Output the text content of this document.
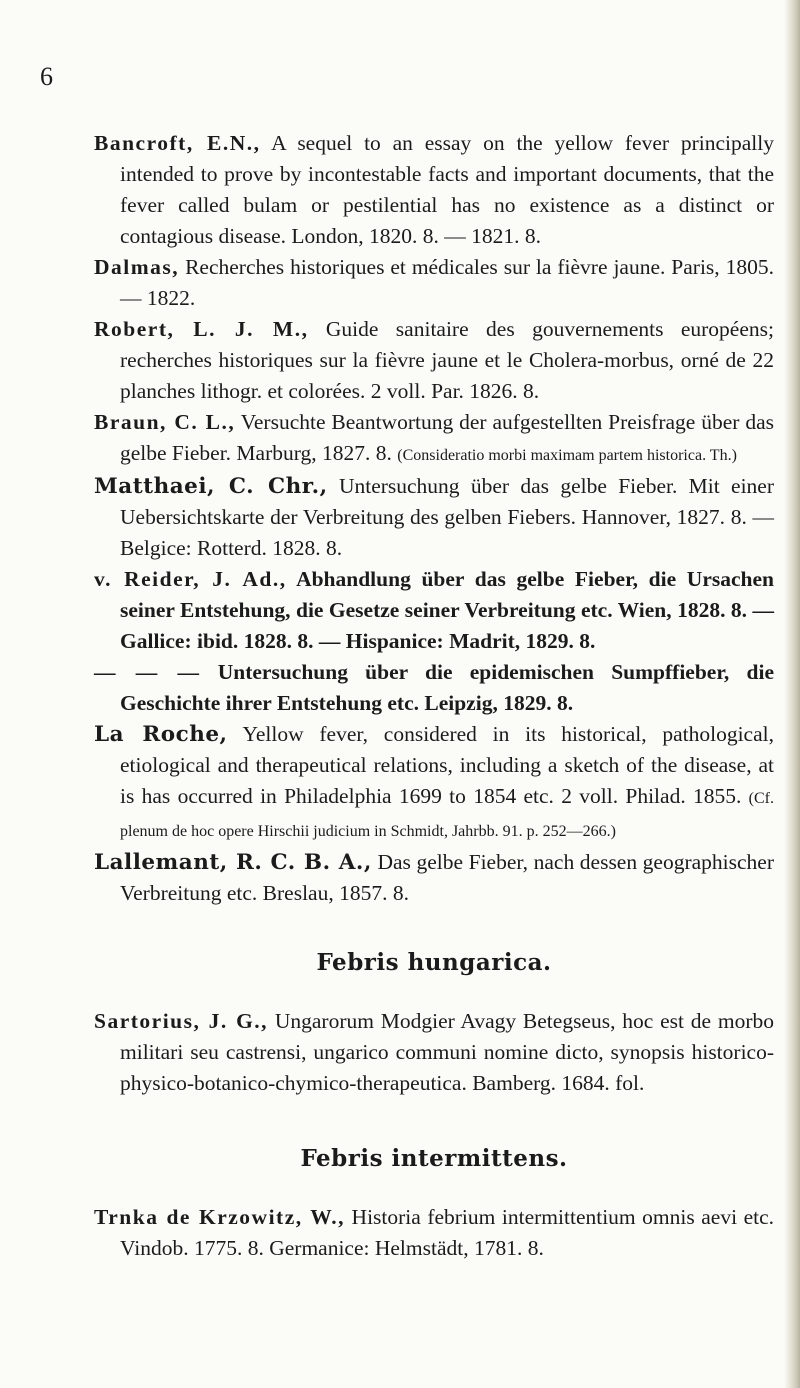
6

Bancroft, E.N., A sequel to an essay on the yellow fever principally intended to prove by incontestable facts and important documents, that the fever called bulam or pestilential has no existence as a distinct or contagious disease. London, 1820. 8. — 1821. 8.

Dalmas, Recherches historiques et médicales sur la fièvre jaune. Paris, 1805. — 1822.

Robert, L. J. M., Guide sanitaire des gouvernements européens; recherches historiques sur la fièvre jaune et le Cholera-morbus, orné de 22 planches lithogr. et colorées. 2 voll. Par. 1826. 8.

Braun, C. L., Versuchte Beantwortung der aufgestellten Preisfrage über das gelbe Fieber. Marburg, 1827. 8. (Consideratio morbi maximam partem historica. Th.)

Matthaei, C. Chr., Untersuchung über das gelbe Fieber. Mit einer Uebersichtskarte der Verbreitung des gelben Fiebers. Hannover, 1827. 8. — Belgice: Rotterd. 1828. 8.

v. Reider, J. Ad., Abhandlung über das gelbe Fieber, die Ursachen seiner Entstehung, die Gesetze seiner Verbreitung etc. Wien, 1828. 8. — Gallice: ibid. 1828. 8. — Hispanice: Madrit, 1829. 8.

— — — Untersuchung über die epidemischen Sumpffieber, die Geschichte ihrer Entstehung etc. Leipzig, 1829. 8.

La Roche, Yellow fever, considered in its historical, pathological, etiological and therapeutical relations, including a sketch of the disease, at is has occurred in Philadelphia 1699 to 1854 etc. 2 voll. Philad. 1855. (Cf. plenum de hoc opere Hirschii judicium in Schmidt, Jahrbb. 91. p. 252—266.)

Lallemant, R. C. B. A., Das gelbe Fieber, nach dessen geographischer Verbreitung etc. Breslau, 1857. 8.

Febris hungarica.

Sartorius, J. G., Ungarorum Modgier Avagy Betegseus, hoc est de morbo militari seu castrensi, ungarico communi nomine dicto, synopsis historico-physico-botanico-chymico-therapeutica. Bamberg. 1684. fol.

Febris intermittens.

Trnka de Krzowitz, W., Historia febrium intermittentium omnis aevi etc. Vindob. 1775. 8. Germanice: Helmstädt, 1781. 8.
